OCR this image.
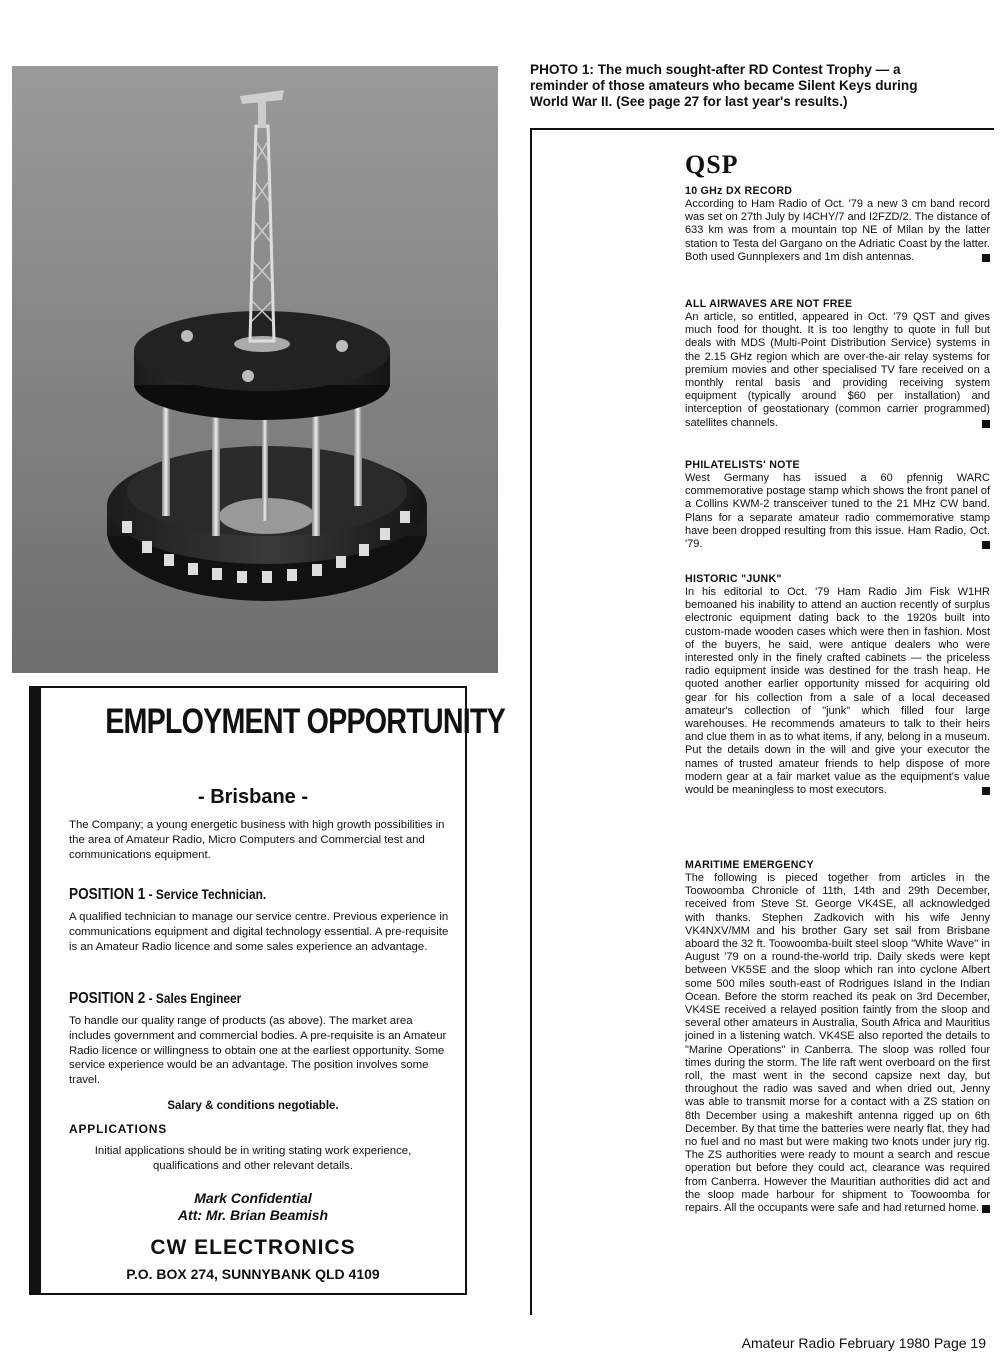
PHOTO 1: The much sought-after RD Contest Trophy — a
reminder of those amateurs who became Silent Keys during
World War II. (See page 27 for last year's results.)
EMPLOYMENT OPPORTUNITY
- Brisbane -
The Company; a young energetic business with high growth possibilities in the area of Amateur Radio, Micro Computers and Commercial test and communications equipment.
POSITION 1 - Service Technician.
A qualified technician to manage our service centre. Previous experience in communications equipment and digital technology essential. A pre-requisite is an Amateur Radio licence and some sales experience an advantage.
POSITION 2 - Sales Engineer
To handle our quality range of products (as above). The market area includes government and commercial bodies. A pre-requisite is an Amateur Radio licence or willingness to obtain one at the earliest opportunity. Some service experience would be an advantage. The position involves some travel.
Salary & conditions negotiable.
APPLICATIONS
Initial applications should be in writing stating work experience, qualifications and other relevant details.
Mark Confidential
Att: Mr. Brian Beamish
CW ELECTRONICS
P.O. BOX 274, SUNNYBANK QLD 4109
QSP
10 GHz DX RECORD
According to Ham Radio of Oct. '79 a new 3 cm band record was set on 27th July by I4CHY/7 and I2FZD/2. The distance of 633 km was from a mountain top NE of Milan by the latter station to Testa del Gargano on the Adriatic Coast by the latter. Both used Gunnplexers and 1m dish antennas.
ALL AIRWAVES ARE NOT FREE
An article, so entitled, appeared in Oct. '79 QST and gives much food for thought. It is too lengthy to quote in full but deals with MDS (Multi-Point Distribution Service) systems in the 2.15 GHz region which are over-the-air relay systems for premium movies and other specialised TV fare received on a monthly rental basis and providing receiving system equipment (typically around $60 per installation) and interception of geostationary (common carrier programmed) satellites channels.
PHILATELISTS' NOTE
West Germany has issued a 60 pfennig WARC commemorative postage stamp which shows the front panel of a Collins KWM-2 transceiver tuned to the 21 MHz CW band. Plans for a separate amateur radio commemorative stamp have been dropped resulting from this issue. Ham Radio, Oct. '79.
HISTORIC "JUNK"
In his editorial to Oct. '79 Ham Radio Jim Fisk W1HR bemoaned his inability to attend an auction recently of surplus electronic equipment dating back to the 1920s built into custom-made wooden cases which were then in fashion. Most of the buyers, he said, were antique dealers who were interested only in the finely crafted cabinets — the priceless radio equipment inside was destined for the trash heap. He quoted another earlier opportunity missed for acquiring old gear for his collection from a sale of a local deceased amateur's collection of "junk" which filled four large warehouses. He recommends amateurs to talk to their heirs and clue them in as to what items, if any, belong in a museum. Put the details down in the will and give your executor the names of trusted amateur friends to help dispose of more modern gear at a fair market value as the equipment's value would be meaningless to most executors.
MARITIME EMERGENCY
The following is pieced together from articles in the Toowoomba Chronicle of 11th, 14th and 29th December, received from Steve St. George VK4SE, all acknowledged with thanks. Stephen Zadkovich with his wife Jenny VK4NXV/MM and his brother Gary set sail from Brisbane aboard the 32 ft. Toowoomba-built steel sloop "White Wave" in August '79 on a round-the-world trip. Daily skeds were kept between VK5SE and the sloop which ran into cyclone Albert some 500 miles south-east of Rodrigues Island in the Indian Ocean. Before the storm reached its peak on 3rd December, VK4SE received a relayed position faintly from the sloop and several other amateurs in Australia, South Africa and Mauritius joined in a listening watch. VK4SE also reported the details to "Marine Operations" in Canberra. The sloop was rolled four times during the storm. The life raft went overboard on the first roll, the mast went in the second capsize next day, but throughout the radio was saved and when dried out, Jenny was able to transmit morse for a contact with a ZS station on 8th December using a makeshift antenna rigged up on 6th December. By that time the batteries were nearly flat, they had no fuel and no mast but were making two knots under jury rig. The ZS authorities were ready to mount a search and rescue operation but before they could act, clearance was required from Canberra. However the Mauritian authorities did act and the sloop made harbour for shipment to Toowoomba for repairs. All the occupants were safe and had returned home.
Amateur Radio February 1980 Page 19
